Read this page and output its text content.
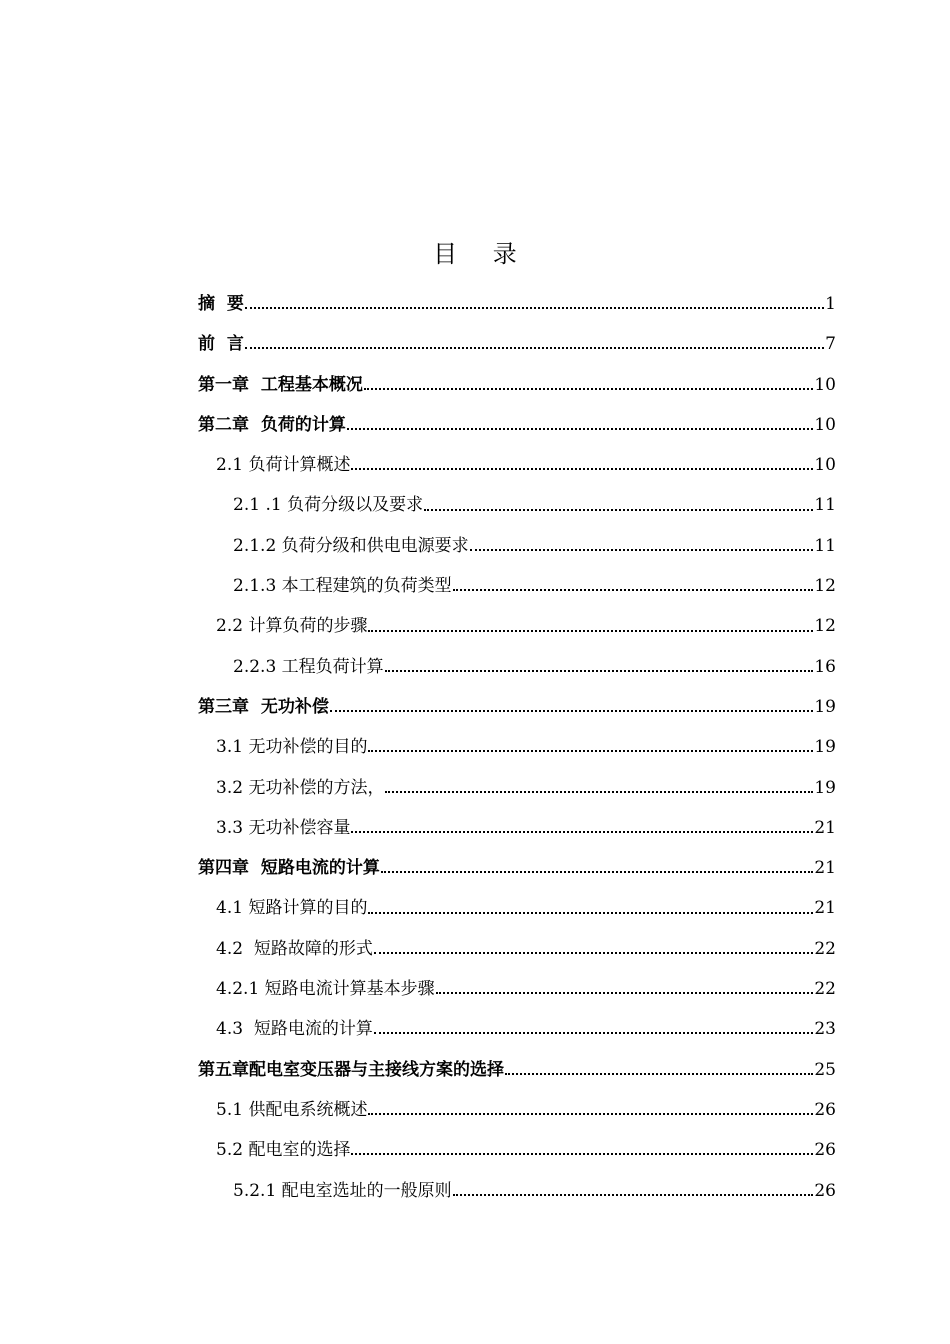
目 录
摘  要	1
前  言	7
第一章  工程基本概况	10
第二章  负荷的计算	10
2.1 负荷计算概述	10
2.1 .1 负荷分级以及要求	11
2.1.2 负荷分级和供电电源要求	11
2.1.3 本工程建筑的负荷类型	12
2.2 计算负荷的步骤	12
2.2.3 工程负荷计算	16
第三章  无功补偿	19
3.1 无功补偿的目的	19
3.2 无功补偿的方法，	19
3.3 无功补偿容量	21
第四章  短路电流的计算	21
4.1 短路计算的目的	21
4.2  短路故障的形式	22
4.2.1 短路电流计算基本步骤	22
4.3  短路电流的计算	23
第五章配电室变压器与主接线方案的选择	25
5.1 供配电系统概述	26
5.2 配电室的选择	26
5.2.1 配电室选址的一般原则	26
